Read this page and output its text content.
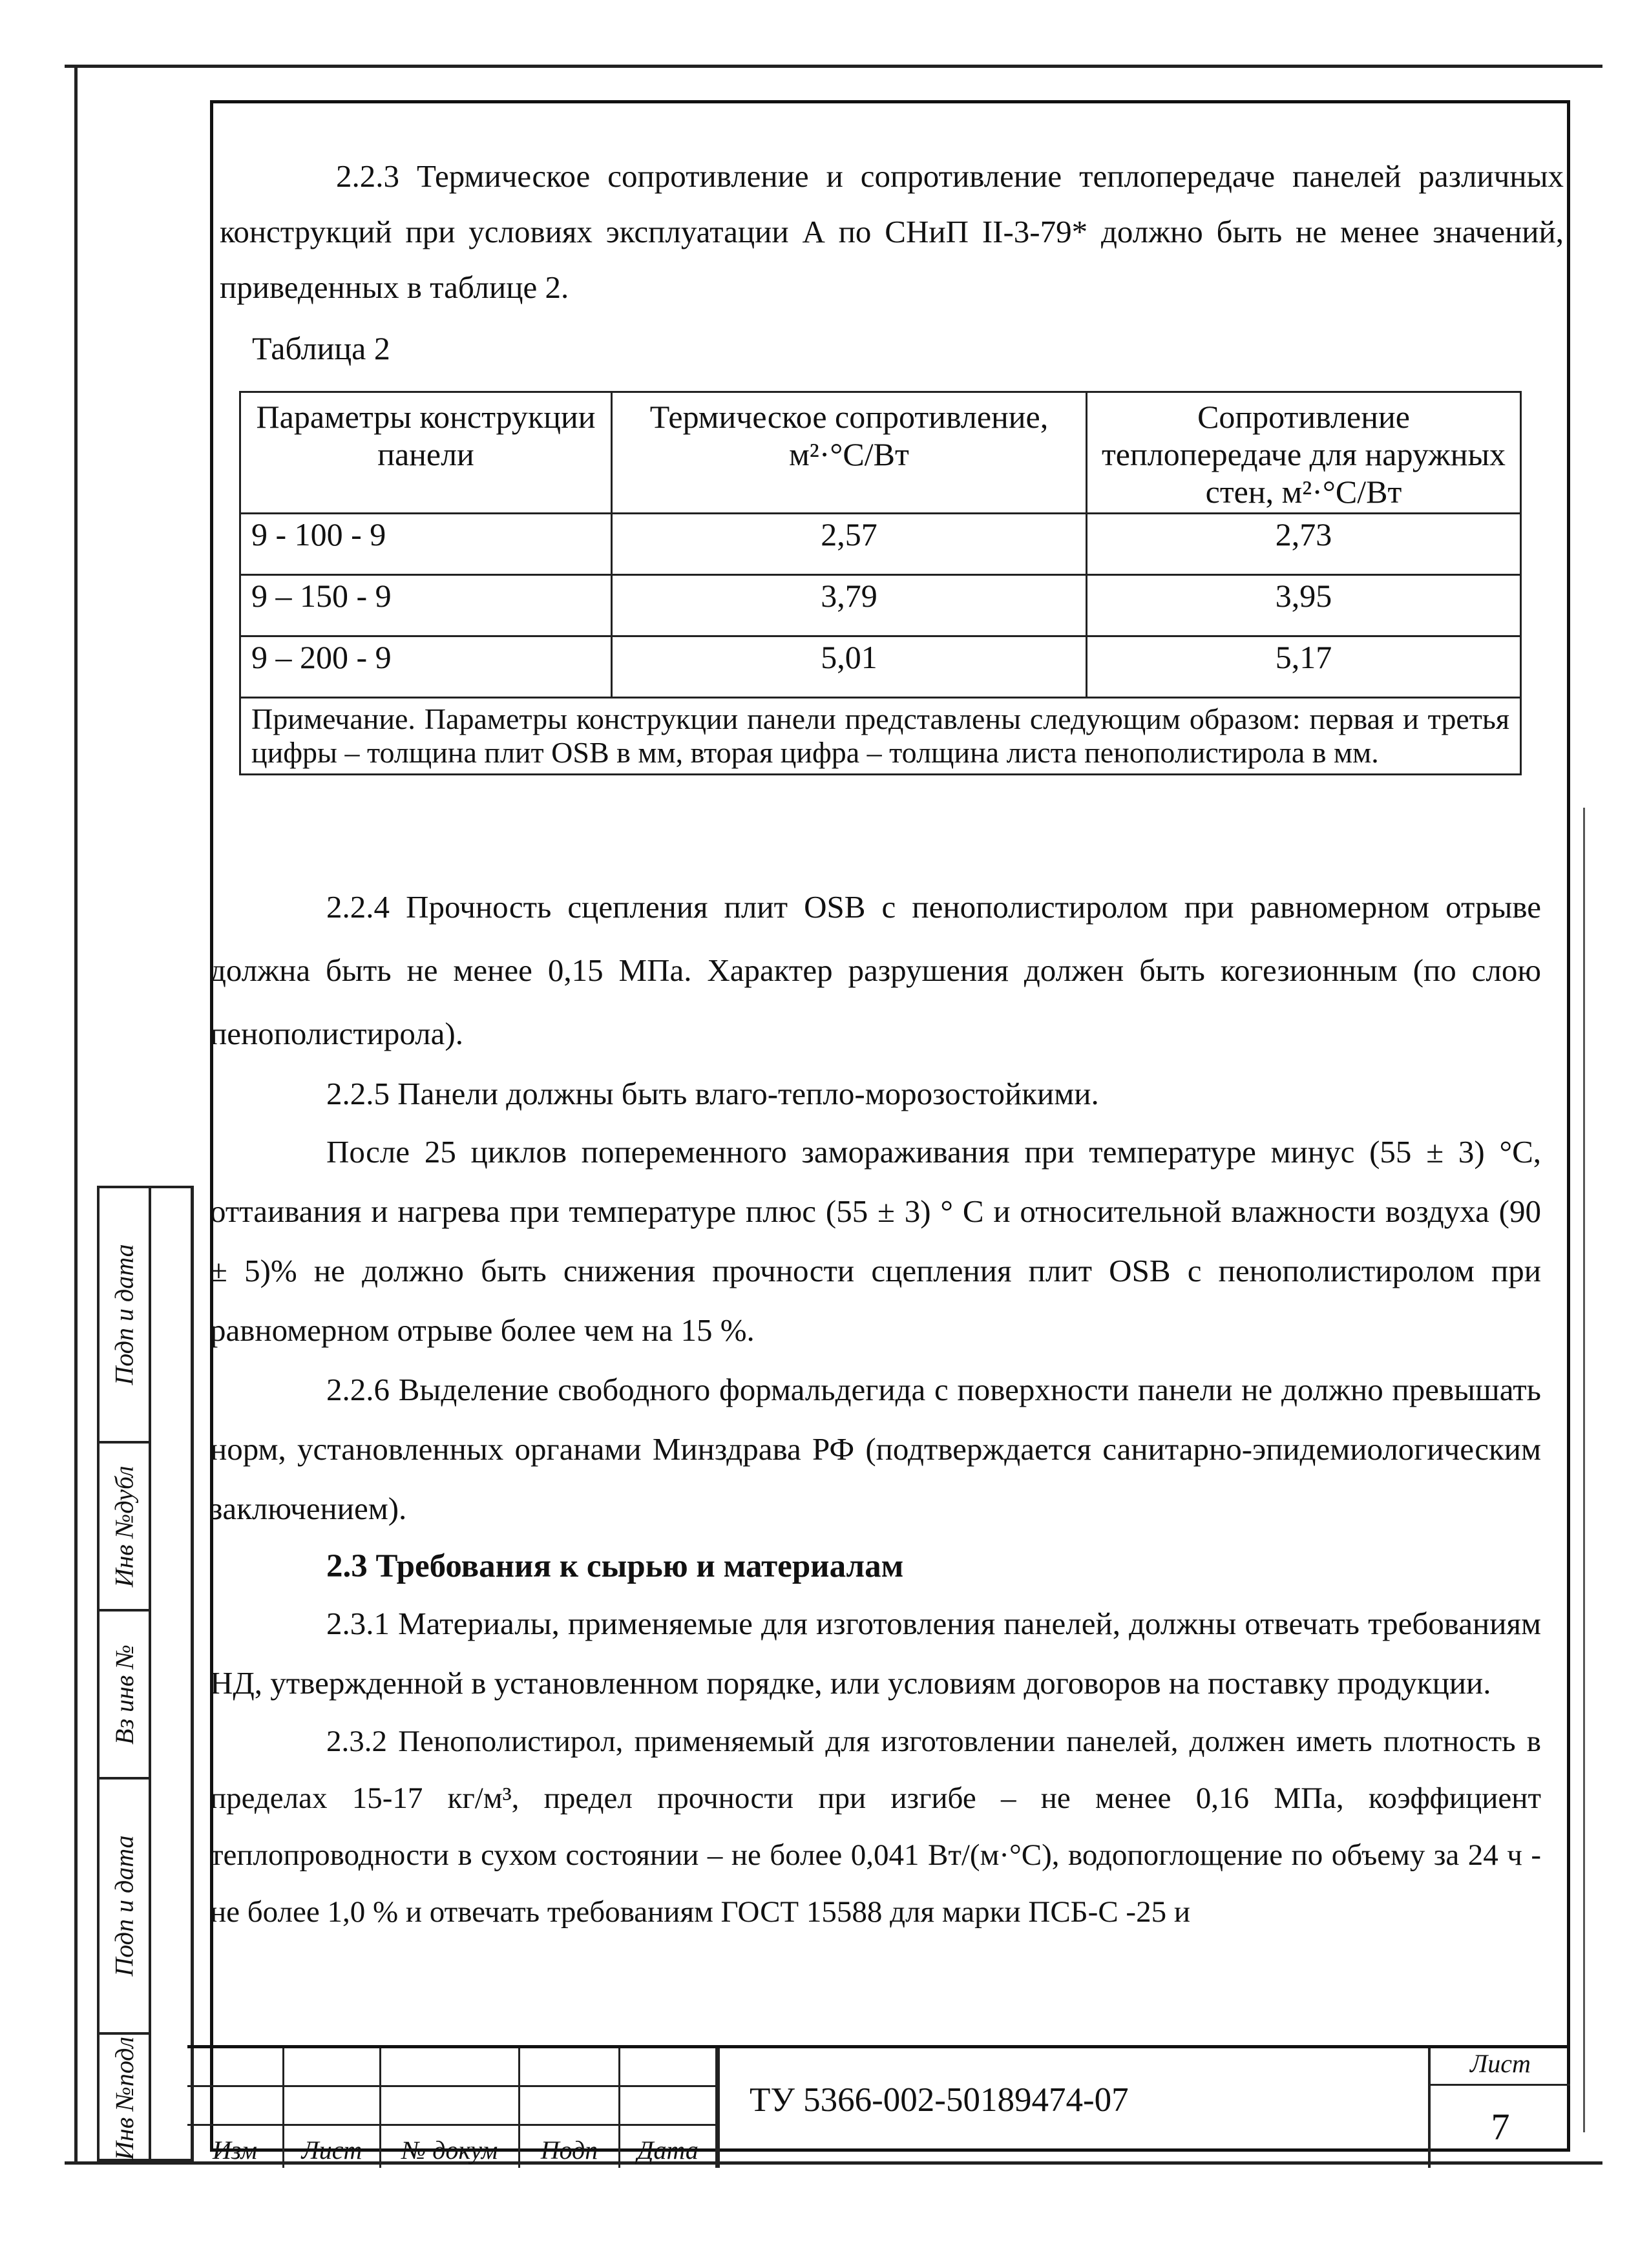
2.2.3 Термическое сопротивление и сопротивление теплопередаче панелей различных конструкций при условиях эксплуатации А по СНиП II-3-79* должно быть не менее значений, приведенных в таблице 2.

Таблица 2
Параметры конструкции панели	Термическое сопротивление, м²·°С/Вт	Сопротивление теплопередаче для наружных стен, м²·°С/Вт
9 - 100 - 9	2,57	2,73
9 – 150 - 9	3,79	3,95
9 – 200 - 9	5,01	5,17
Примечание. Параметры конструкции панели представлены следующим образом: первая и третья цифры – толщина плит OSB в мм, вторая цифра – толщина листа пенополистирола в мм.		

2.2.4 Прочность сцепления плит OSB с пенополистиролом при равномерном отрыве должна быть не менее 0,15 МПа. Характер разрушения должен быть когезионным (по слою пенополистирола).

2.2.5 Панели должны быть влаго-тепло-морозостойкими.

После 25 циклов попеременного замораживания при температуре минус (55 ± 3) °С, оттаивания и нагрева при температуре плюс (55 ± 3) ° С и относительной влажности воздуха (90 ± 5)% не должно быть снижения прочности сцепления плит OSB с пенополистиролом при равномерном отрыве более чем на 15 %.

2.2.6 Выделение свободного формальдегида с поверхности панели не должно превышать норм, установленных органами Минздрава РФ (подтверждается санитарно-эпидемиологическим заключением).

2.3 Требования к сырью и материалам

2.3.1 Материалы, применяемые для изготовления панелей, должны отвечать требованиям НД, утвержденной в установленном порядке, или условиям договоров на поставку продукции.

2.3.2 Пенополистирол, применяемый для изготовлении панелей, должен иметь плотность в пределах 15-17 кг/м³, предел прочности при изгибе – не менее 0,16 МПа, коэффициент теплопроводности в сухом состоянии – не более 0,041 Вт/(м·°С), водопоглощение по объему за 24 ч - не более 1,0 % и отвечать требованиям ГОСТ 15588 для марки ПСБ-С -25 и

Подп и дата
Инв №дубл
Вз инв №
Подп и дата
Инв №подл	Изм	Лист	№ докум	Подп	Дата
ТУ 5366-002-50189474-07
Лист
7
